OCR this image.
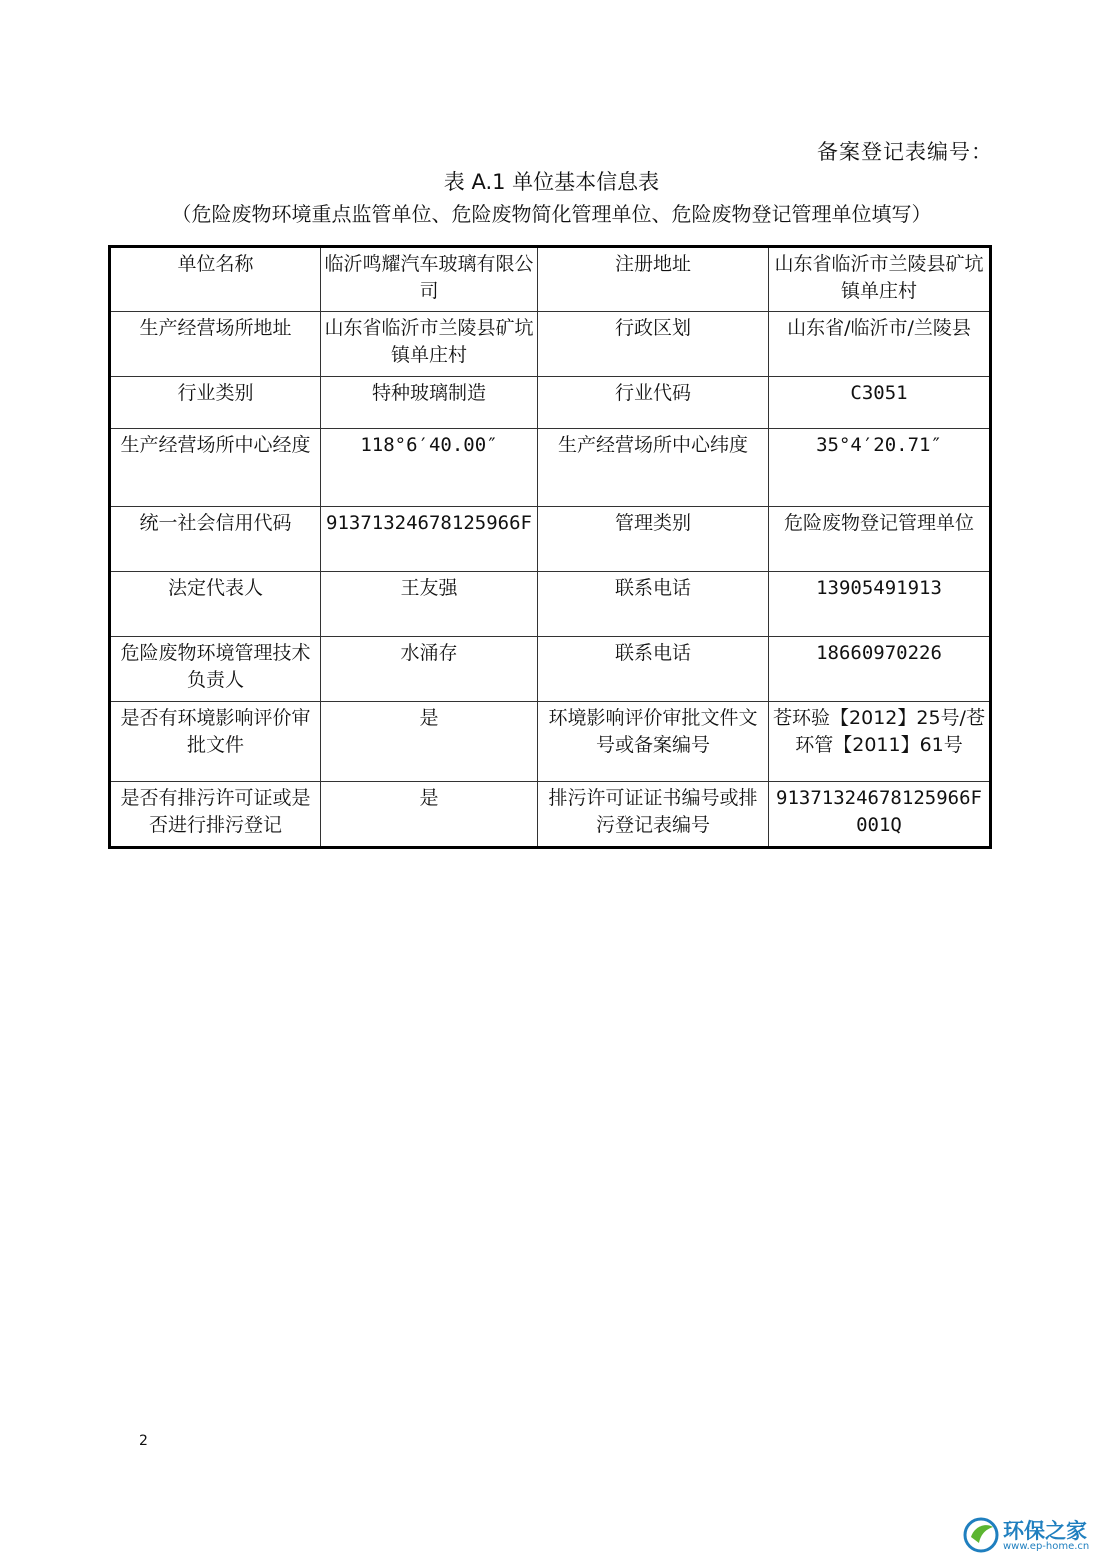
备案登记表编号：
表 A.1 单位基本信息表
（危险废物环境重点监管单位、危险废物简化管理单位、危险废物登记管理单位填写）
单位名称	临沂鸣耀汽车玻璃有限公司	注册地址	山东省临沂市兰陵县矿坑镇单庄村
生产经营场所地址	山东省临沂市兰陵县矿坑镇单庄村	行政区划	山东省/临沂市/兰陵县
行业类别	特种玻璃制造	行业代码	C3051
生产经营场所中心经度	118°6′40.00″	生产经营场所中心纬度	35°4′20.71″
统一社会信用代码	91371324678125966F	管理类别	危险废物登记管理单位
法定代表人	王友强	联系电话	13905491913
危险废物环境管理技术负责人	水涌存	联系电话	18660970226
是否有环境影响评价审批文件	是	环境影响评价审批文件文号或备案编号	苍环验【2012】25号/苍环管【2011】61号
是否有排污许可证或是否进行排污登记	是	排污许可证证书编号或排污登记表编号	91371324678125966F001Q
2
环保之家
www.ep-home.cn
